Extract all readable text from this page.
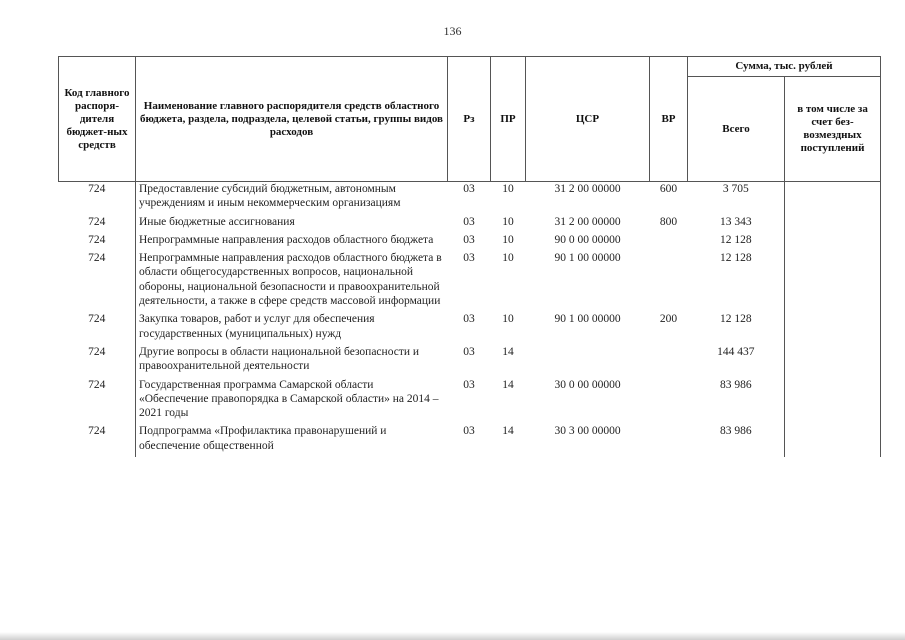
136
Код главного распоря-дителя бюджет-ных средств	Наименование главного распорядителя средств областного бюджета, раздела, подраздела, целевой статьи, группы видов расходов	Рз	ПР	ЦСР	ВР	Сумма, тыс. рублей	
						Всего	в том числе за счет без-возмездных поступлений
724	Предоставление субсидий бюджетным, автономным учреждениям и иным некоммерческим организациям	03	10	31 2 00 00000	600	3 705	
724	Иные бюджетные ассигнования	03	10	31 2 00 00000	800	13 343	
724	Непрограммные направления расходов областного бюджета	03	10	90 0 00 00000		12 128	
724	Непрограммные направления расходов областного бюджета в области общегосударственных вопросов, национальной обороны, национальной безопасности и правоохранительной деятельности, а также в сфере средств массовой информации	03	10	90 1 00 00000		12 128	
724	Закупка товаров, работ и услуг для обеспечения государственных (муниципальных) нужд	03	10	90 1 00 00000	200	12 128	
724	Другие вопросы в области национальной безопасности и правоохранительной деятельности	03	14			144 437	
724	Государственная программа Самарской области «Обеспечение правопорядка в Самарской области» на 2014 – 2021 годы	03	14	30 0 00 00000		83 986	
724	Подпрограмма «Профилактика правонарушений и обеспечение общественной	03	14	30 3 00 00000		83 986	
